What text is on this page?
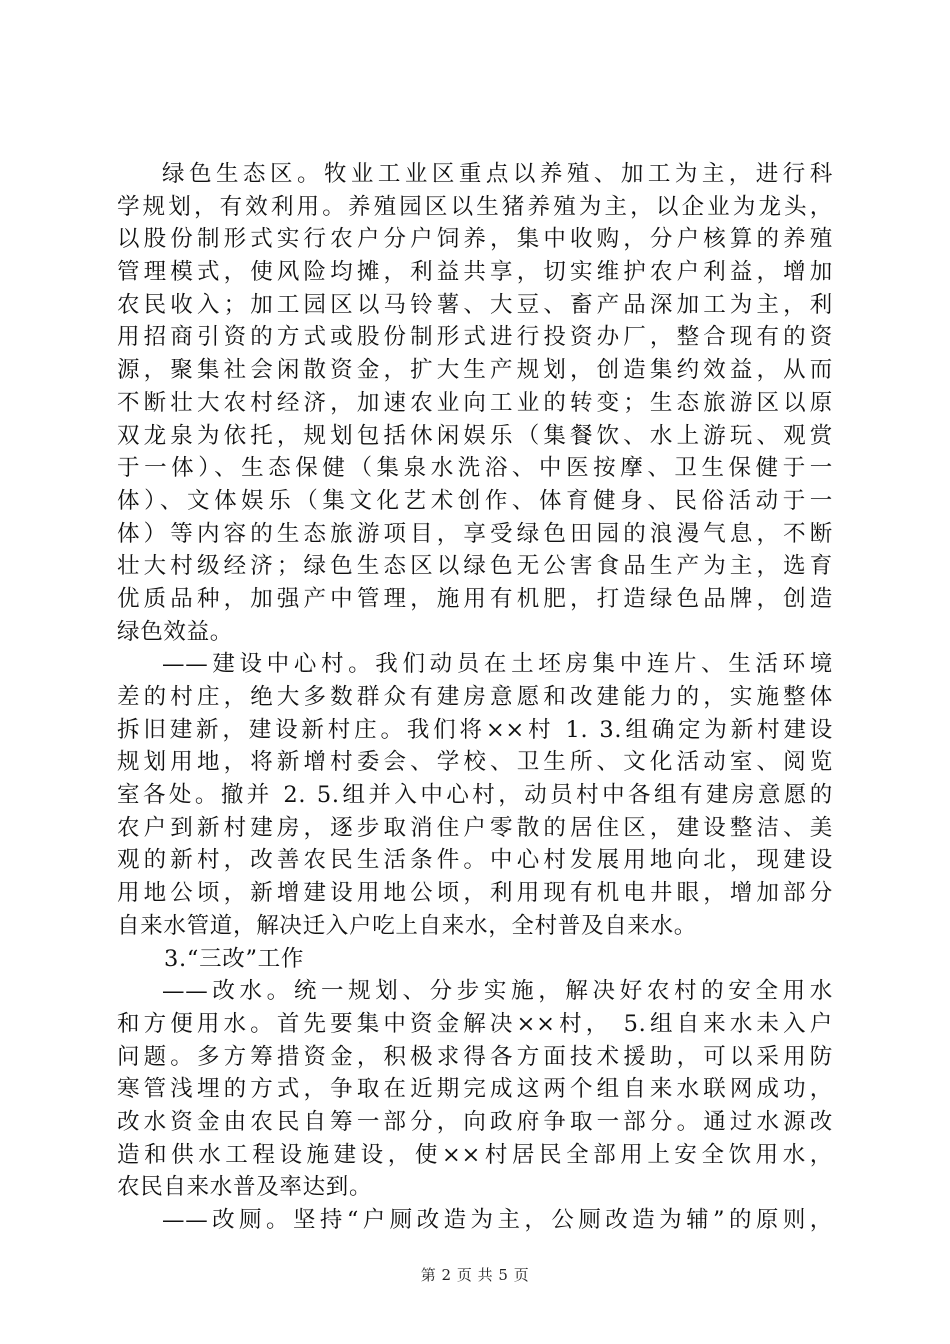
绿色生态区。牧业工业区重点以养殖、加工为主，进行科
学规划，有效利用。养殖园区以生猪养殖为主，以企业为龙头，
以股份制形式实行农户分户饲养，集中收购，分户核算的养殖
管理模式，使风险均摊，利益共享，切实维护农户利益，增加
农民收入；加工园区以马铃薯、大豆、畜产品深加工为主，利
用招商引资的方式或股份制形式进行投资办厂，整合现有的资
源，聚集社会闲散资金，扩大生产规划，创造集约效益，从而
不断壮大农村经济，加速农业向工业的转变；生态旅游区以原
双龙泉为依托，规划包括休闲娱乐（集餐饮、水上游玩、观赏
于一体）、生态保健（集泉水洗浴、中医按摩、卫生保健于一
体）、文体娱乐（集文化艺术创作、体育健身、民俗活动于一
体）等内容的生态旅游项目，享受绿色田园的浪漫气息，不断
壮大村级经济；绿色生态区以绿色无公害食品生产为主，选育
优质品种，加强产中管理，施用有机肥，打造绿色品牌，创造
绿色效益。
——建设中心村。我们动员在土坯房集中连片、生活环境
差的村庄，绝大多数群众有建房意愿和改建能力的，实施整体
拆旧建新，建设新村庄。我们将××村 1. 3.组确定为新村建设
规划用地，将新增村委会、学校、卫生所、文化活动室、阅览
室各处。撤并 2. 5.组并入中心村，动员村中各组有建房意愿的
农户到新村建房，逐步取消住户零散的居住区，建设整洁、美
观的新村，改善农民生活条件。中心村发展用地向北，现建设
用地公顷，新增建设用地公顷，利用现有机电井眼，增加部分
自来水管道，解决迁入户吃上自来水，全村普及自来水。
3.“三改”工作
——改水。统一规划、分步实施，解决好农村的安全用水
和方便用水。首先要集中资金解决××村， 5.组自来水未入户
问题。多方筹措资金，积极求得各方面技术援助，可以采用防
寒管浅埋的方式，争取在近期完成这两个组自来水联网成功，
改水资金由农民自筹一部分，向政府争取一部分。通过水源改
造和供水工程设施建设，使××村居民全部用上安全饮用水，
农民自来水普及率达到。
——改厕。坚持“户厕改造为主，公厕改造为辅”的原则，
第 2 页 共 5 页
